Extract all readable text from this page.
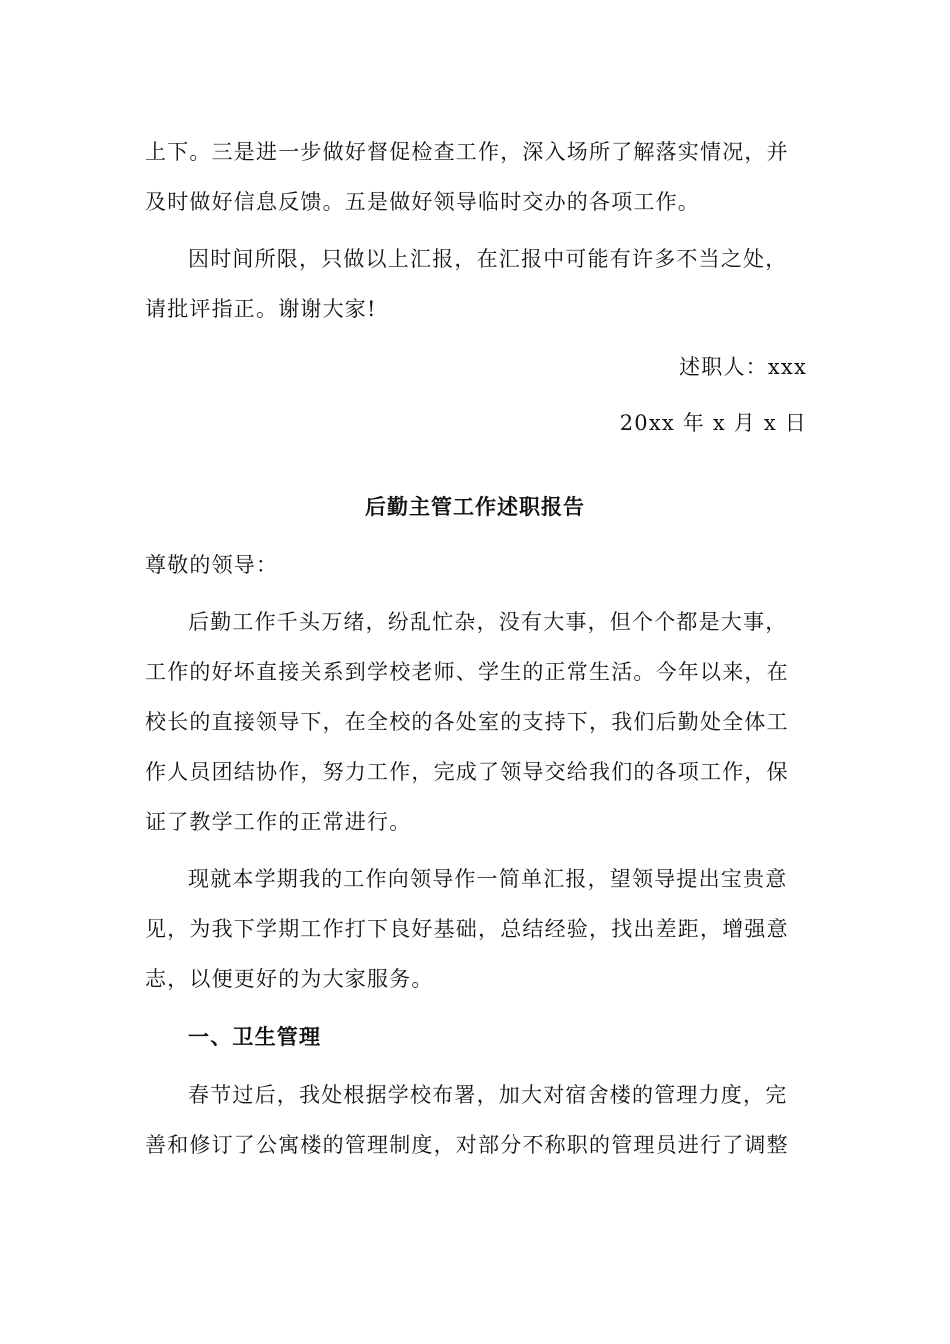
上下。三是进一步做好督促检查工作，深入场所了解落实情况，并
及时做好信息反馈。五是做好领导临时交办的各项工作。
因时间所限，只做以上汇报，在汇报中可能有许多不当之处，
请批评指正。谢谢大家!
述职人：xxx
20xx 年 x 月 x 日
后勤主管工作述职报告
尊敬的领导：
后勤工作千头万绪，纷乱忙杂，没有大事，但个个都是大事，
工作的好坏直接关系到学校老师、学生的正常生活。今年以来，在
校长的直接领导下，在全校的各处室的支持下，我们后勤处全体工
作人员团结协作，努力工作，完成了领导交给我们的各项工作，保
证了教学工作的正常进行。
现就本学期我的工作向领导作一简单汇报，望领导提出宝贵意
见，为我下学期工作打下良好基础，总结经验，找出差距，增强意
志，以便更好的为大家服务。
一、卫生管理
春节过后，我处根据学校布署，加大对宿舍楼的管理力度，完
善和修订了公寓楼的管理制度，对部分不称职的管理员进行了调整
